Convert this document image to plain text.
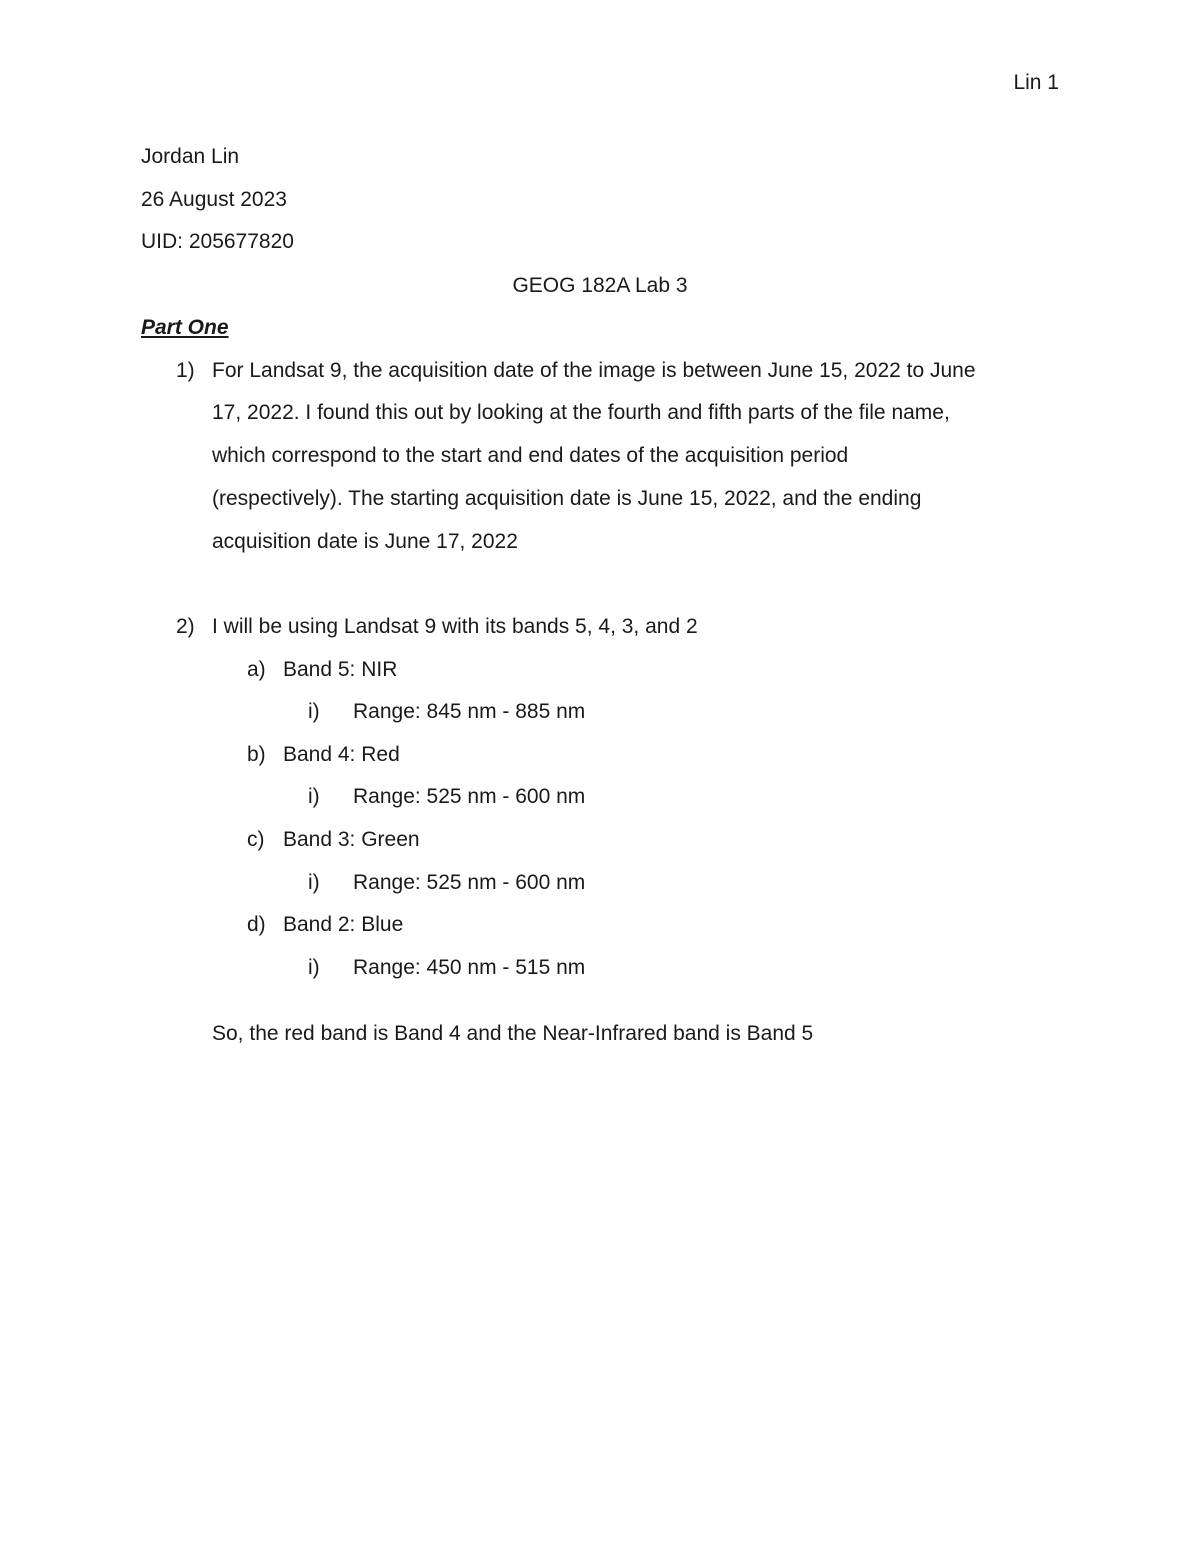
Lin 1
Jordan Lin
26 August 2023
UID: 205677820
GEOG 182A Lab 3
Part One
1) For Landsat 9, the acquisition date of the image is between June 15, 2022 to June
17, 2022. I found this out by looking at the fourth and fifth parts of the file name,
which correspond to the start and end dates of the acquisition period
(respectively). The starting acquisition date is June 15, 2022, and the ending
acquisition date is June 17, 2022
2) I will be using Landsat 9 with its bands 5, 4, 3, and 2
a) Band 5: NIR
i) Range: 845 nm - 885 nm
b) Band 4: Red
i) Range: 525 nm - 600 nm
c) Band 3: Green
i) Range: 525 nm - 600 nm
d) Band 2: Blue
i) Range: 450 nm - 515 nm
So, the red band is Band 4 and the Near-Infrared band is Band 5
